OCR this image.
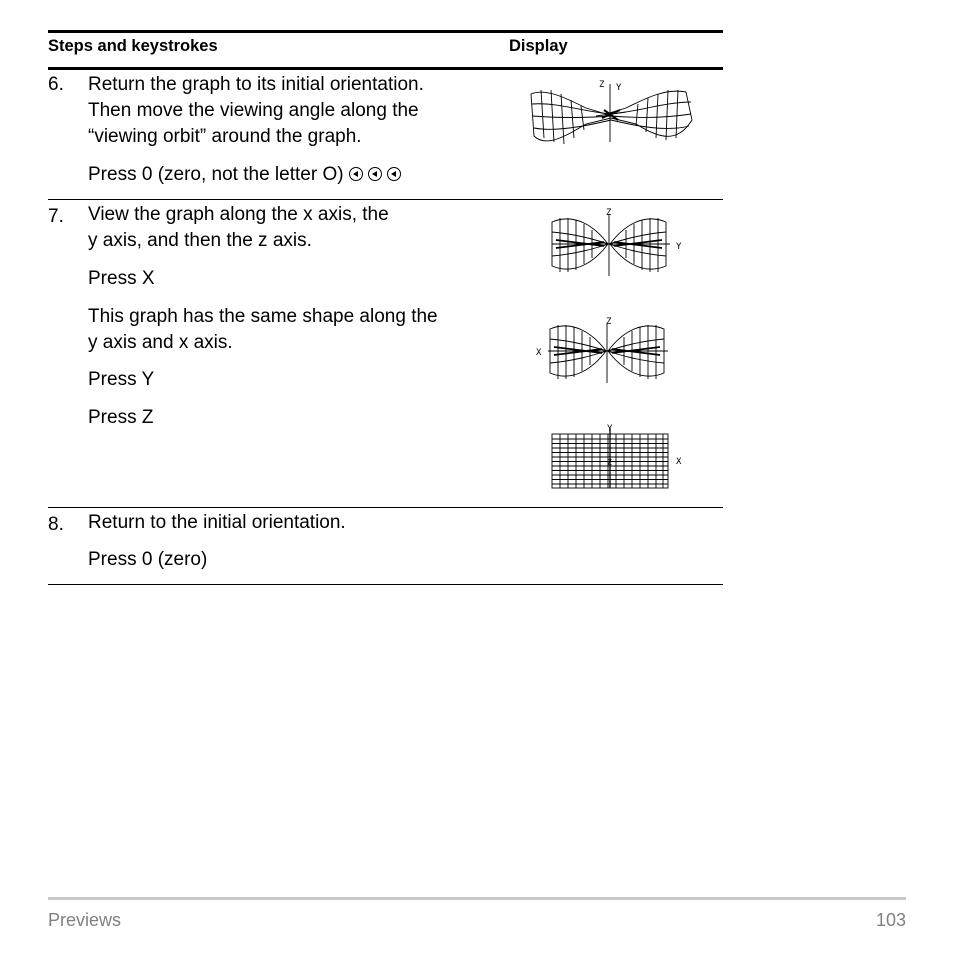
Steps and keystrokes	Display
6. Return the graph to its initial orientation.
Then move the viewing angle along the
“viewing orbit” around the graph.
Press 0 (zero, not the letter O)
Z Y
7. View the graph along the x axis, the
y axis, and then the z axis.
Press X
This graph has the same shape along the
y axis and x axis.
Press Y
Press Z
Z
Y
Z
X
Y
Z	X
8. Return to the initial orientation.
Press 0 (zero)
Previews	103
